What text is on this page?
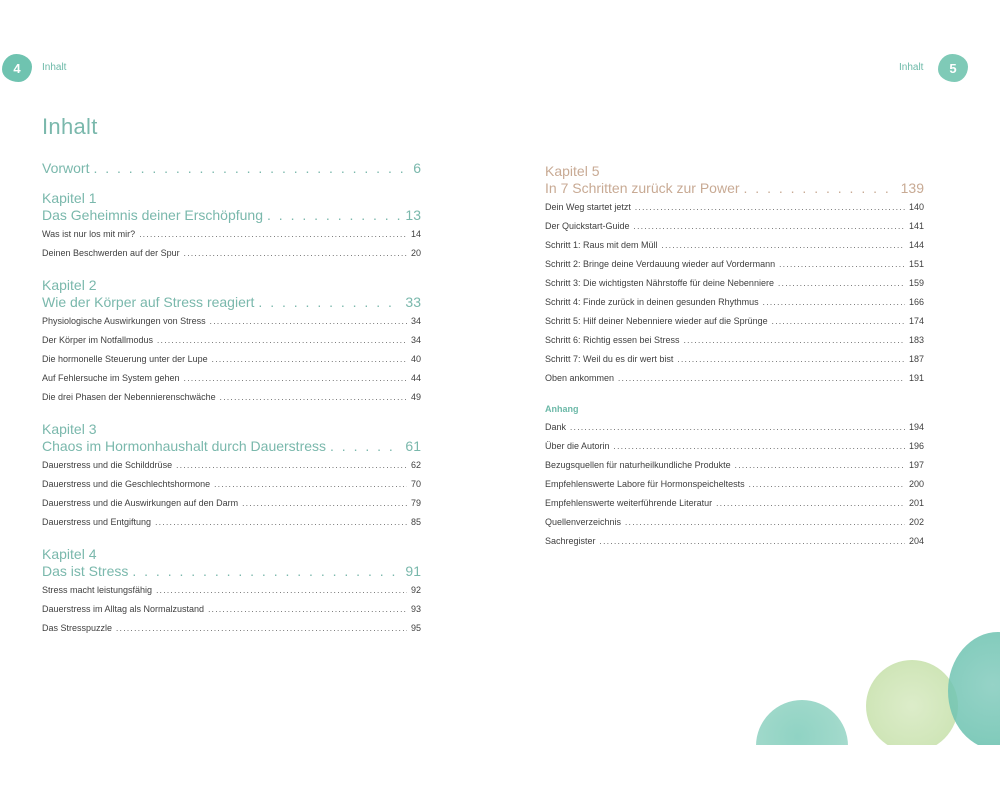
4	Inhalt	Inhalt	5
Inhalt
Vorwort . . .	6
Kapitel 1
Das Geheimnis deiner Erschöpfung . . .	13
Was ist nur los mit mir? .....	14
Deinen Beschwerden auf der Spur .....	20
Kapitel 2
Wie der Körper auf Stress reagiert . . .	33
Physiologische Auswirkungen von Stress .....	34
Der Körper im Notfallmodus .....	34
Die hormonelle Steuerung unter der Lupe .....	40
Auf Fehlersuche im System gehen .....	44
Die drei Phasen der Nebennierenschwäche .....	49
Kapitel 3
Chaos im Hormonhaushalt durch Dauerstress . . .	61
Dauerstress und die Schilddrüse .....	62
Dauerstress und die Geschlechtshormone .....	70
Dauerstress und die Auswirkungen auf den Darm .....	79
Dauerstress und Entgiftung .....	85
Kapitel 4
Das ist Stress . . .	91
Stress macht leistungsfähig .....	92
Dauerstress im Alltag als Normalzustand .....	93
Das Stresspuzzle .....	95
Kapitel 5
In 7 Schritten zurück zur Power . . .	139
Dein Weg startet jetzt .....	140
Der Quickstart-Guide .....	141
Schritt 1: Raus mit dem Müll .....	144
Schritt 2: Bringe deine Verdauung wieder auf Vordermann .....	151
Schritt 3: Die wichtigsten Nährstoffe für deine Nebenniere .....	159
Schritt 4: Finde zurück in deinen gesunden Rhythmus .....	166
Schritt 5: Hilf deiner Nebenniere wieder auf die Sprünge .....	174
Schritt 6: Richtig essen bei Stress .....	183
Schritt 7: Weil du es dir wert bist .....	187
Oben ankommen .....	191
Anhang
Dank .....	194
Über die Autorin .....	196
Bezugsquellen für naturheilkundliche Produkte .....	197
Empfehlenswerte Labore für Hormonspeicheltests .....	200
Empfehlenswerte weiterführende Literatur .....	201
Quellenverzeichnis .....	202
Sachregister .....	204
